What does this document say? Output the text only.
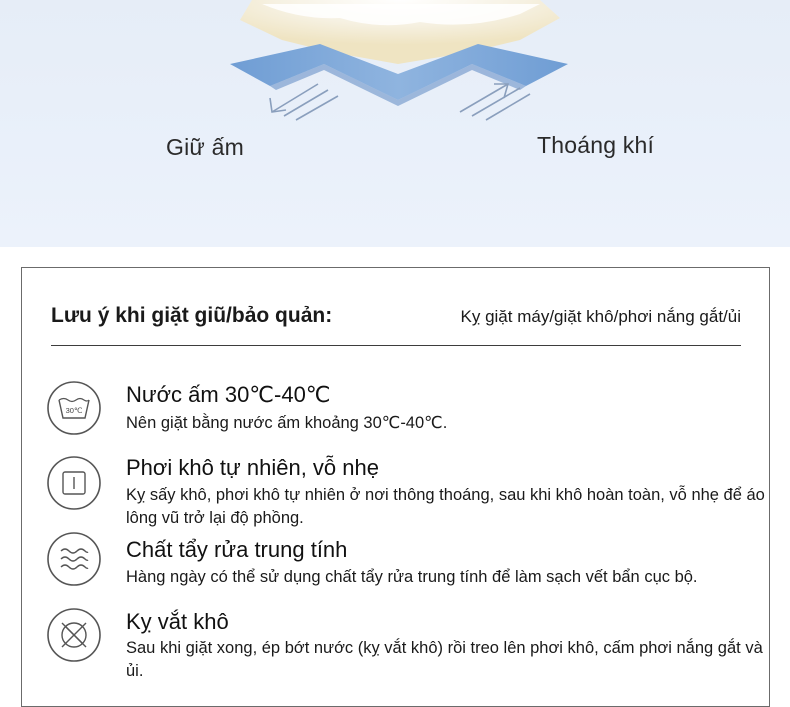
Giữ ấm	Thoáng khí
Lưu ý khi giặt giũ/bảo quản:	Kỵ giặt máy/giặt khô/phơi nắng gắt/ủi
30℃
Nước ấm 30℃-40℃
Nên giặt bằng nước ấm khoảng 30℃-40℃.
Phơi khô tự nhiên, vỗ nhẹ
Kỵ sấy khô, phơi khô tự nhiên ở nơi thông thoáng, sau khi khô hoàn toàn, vỗ nhẹ để áo lông vũ trở lại độ phồng.
Chất tẩy rửa trung tính
Hàng ngày có thể sử dụng chất tẩy rửa trung tính để làm sạch vết bẩn cục bộ.
Kỵ vắt khô
Sau khi giặt xong, ép bớt nước (kỵ vắt khô) rồi treo lên phơi khô, cấm phơi nắng gắt và ủi.
